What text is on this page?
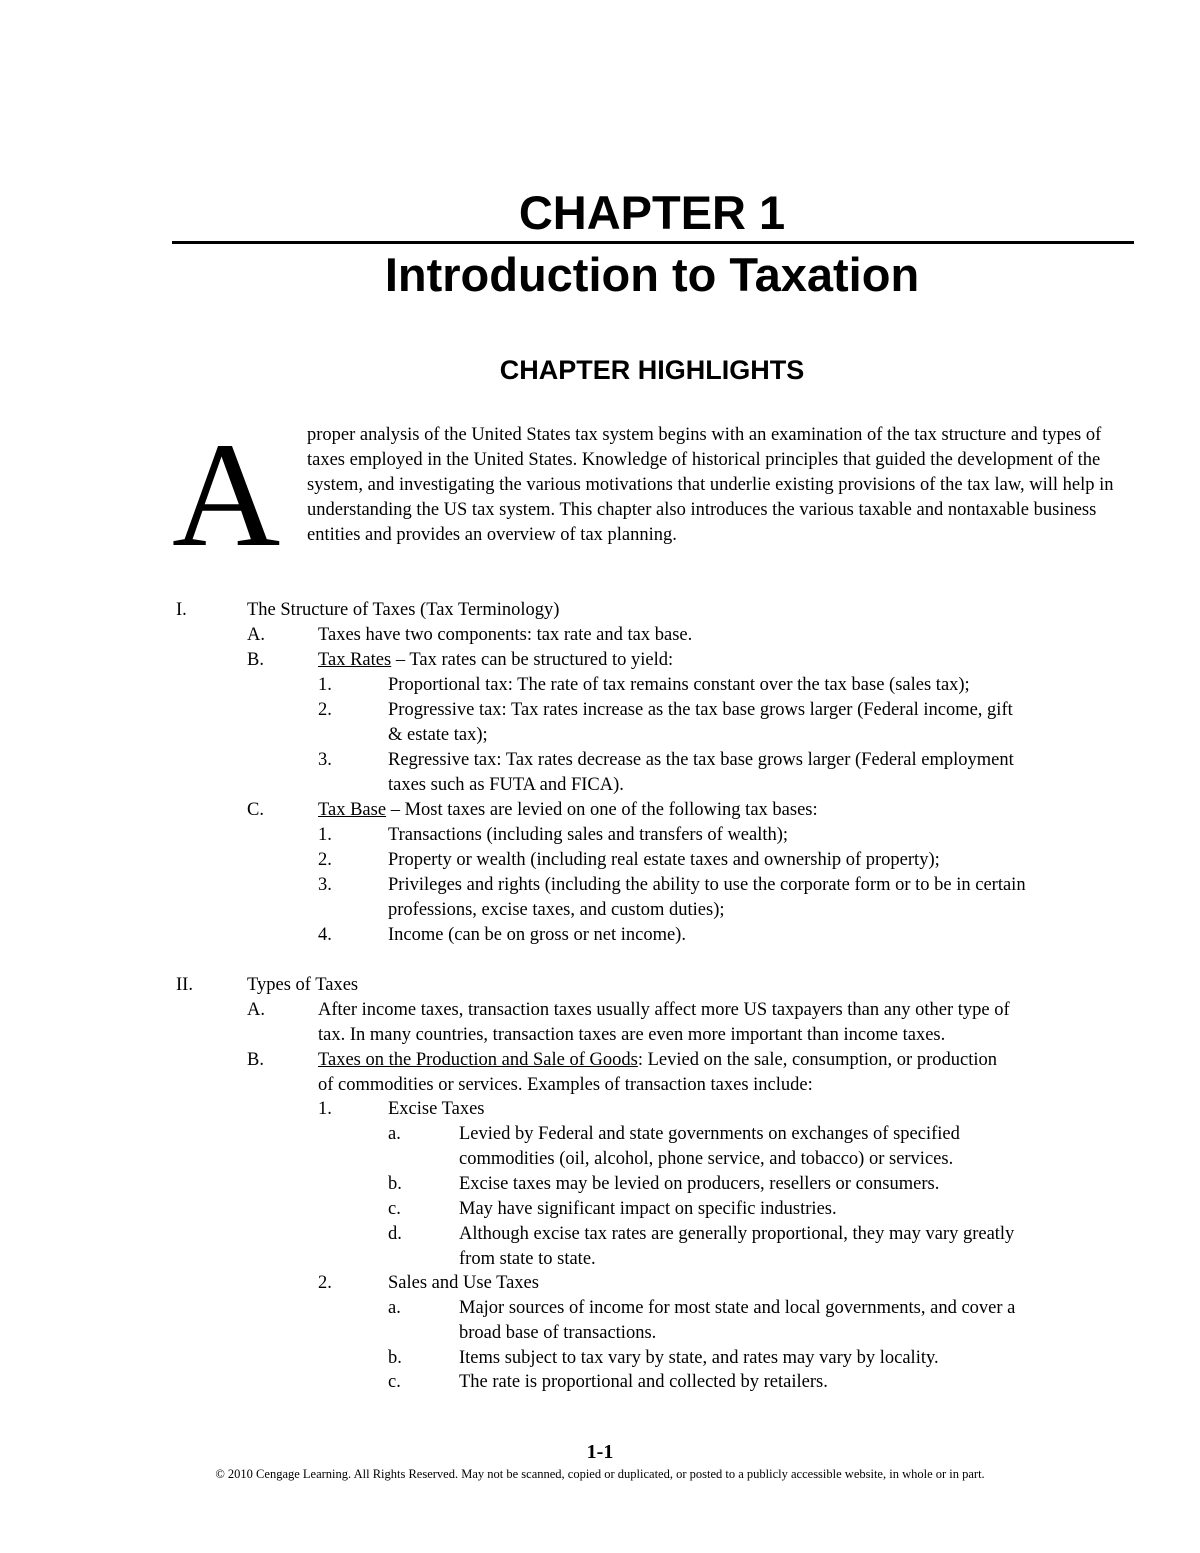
CHAPTER 1
Introduction to Taxation
CHAPTER HIGHLIGHTS
A proper analysis of the United States tax system begins with an examination of the tax structure and types of taxes employed in the United States. Knowledge of historical principles that guided the development of the system, and investigating the various motivations that underlie existing provisions of the tax law, will help in understanding the US tax system. This chapter also introduces the various taxable and nontaxable business entities and provides an overview of tax planning.

I.	The Structure of Taxes (Tax Terminology)
A.	Taxes have two components: tax rate and tax base.
B.	Tax Rates – Tax rates can be structured to yield:
1.	Proportional tax: The rate of tax remains constant over the tax base (sales tax);
2.	Progressive tax: Tax rates increase as the tax base grows larger (Federal income, gift
& estate tax);
3.	Regressive tax: Tax rates decrease as the tax base grows larger (Federal employment
taxes such as FUTA and FICA).
C.	Tax Base – Most taxes are levied on one of the following tax bases:
1.	Transactions (including sales and transfers of wealth);
2.	Property or wealth (including real estate taxes and ownership of property);
3.	Privileges and rights (including the ability to use the corporate form or to be in certain
professions, excise taxes, and custom duties);
4.	Income (can be on gross or net income).
II.	Types of Taxes
A.	After income taxes, transaction taxes usually affect more US taxpayers than any other type of
tax. In many countries, transaction taxes are even more important than income taxes.
B.	Taxes on the Production and Sale of Goods: Levied on the sale, consumption, or production
of commodities or services. Examples of transaction taxes include:
1.	Excise Taxes
a.	Levied by Federal and state governments on exchanges of specified
commodities (oil, alcohol, phone service, and tobacco) or services.
b.	Excise taxes may be levied on producers, resellers or consumers.
c.	May have significant impact on specific industries.
d.	Although excise tax rates are generally proportional, they may vary greatly
from state to state.
2.	Sales and Use Taxes
a.	Major sources of income for most state and local governments, and cover a
broad base of transactions.
b.	Items subject to tax vary by state, and rates may vary by locality.
c.	The rate is proportional and collected by retailers.
1-1
© 2010 Cengage Learning. All Rights Reserved. May not be scanned, copied or duplicated, or posted to a publicly accessible website, in whole or in part.
